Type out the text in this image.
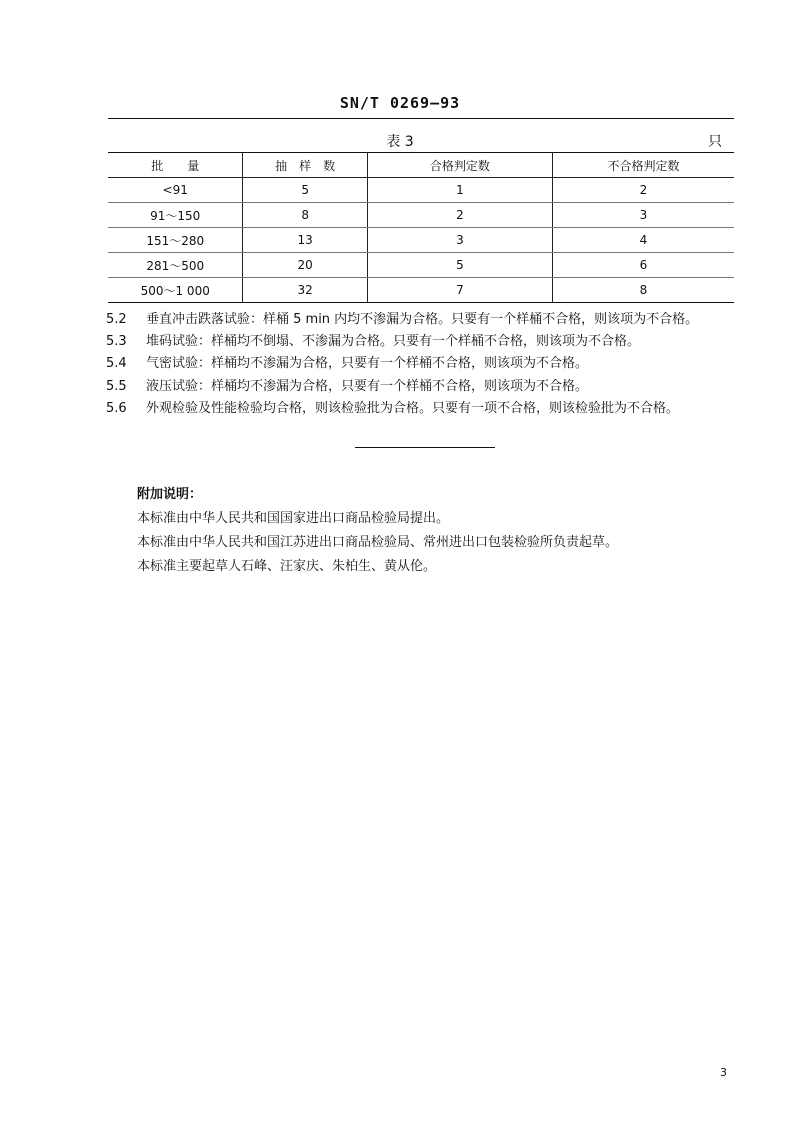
SN/T 0269—93
表 3	只
批　　量	抽　样　数	合格判定数	不合格判定数
<91	5	1	2
91～150	8	2	3
151～280	13	3	4
281～500	20	5	6
500～1 000	32	7	8
5.2 垂直冲击跌落试验：样桶 5 min 内均不渗漏为合格。只要有一个样桶不合格，则该项为不合格。
5.3 堆码试验：样桶均不倒塌、不渗漏为合格。只要有一个样桶不合格，则该项为不合格。
5.4 气密试验：样桶均不渗漏为合格，只要有一个样桶不合格，则该项为不合格。
5.5 液压试验：样桶均不渗漏为合格，只要有一个样桶不合格，则该项为不合格。
5.6 外观检验及性能检验均合格，则该检验批为合格。只要有一项不合格，则该检验批为不合格。
附加说明：
本标准由中华人民共和国国家进出口商品检验局提出。
本标准由中华人民共和国江苏进出口商品检验局、常州进出口包装检验所负责起草。
本标准主要起草人石峰、汪家庆、朱柏生、黄从伦。
3
